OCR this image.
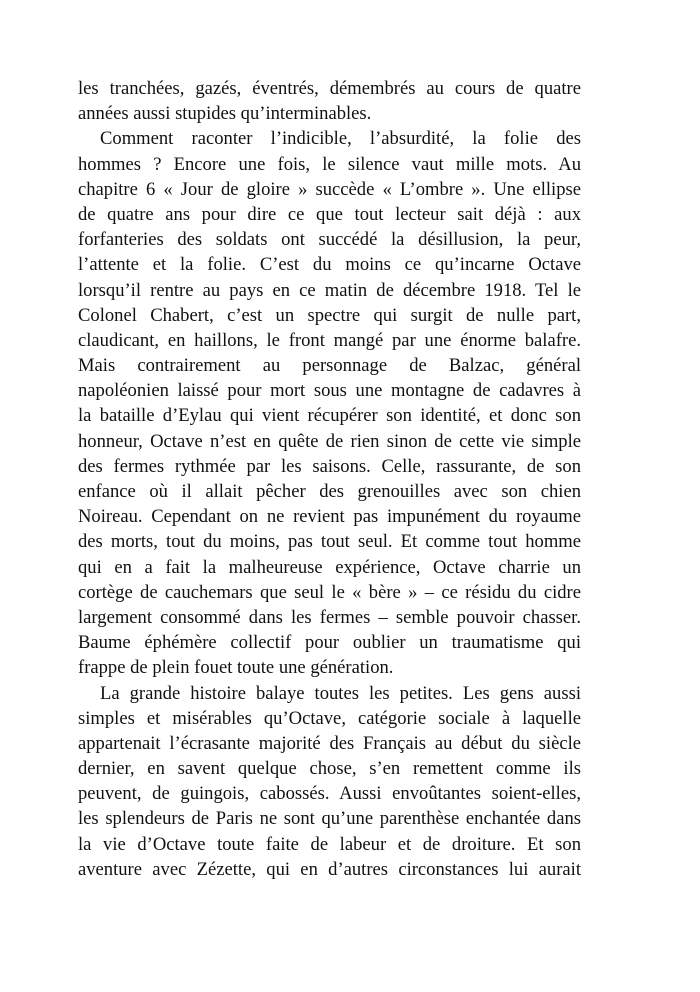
les tranchées, gazés, éventrés, démembrés au cours de quatre
années aussi stupides qu’interminables.
Comment raconter l’indicible, l’absurdité, la folie des
hommes ? Encore une fois, le silence vaut mille mots. Au
chapitre 6 « Jour de gloire » succède « L’ombre ». Une ellipse
de quatre ans pour dire ce que tout lecteur sait déjà : aux
forfanteries des soldats ont succédé la désillusion, la peur,
l’attente et la folie. C’est du moins ce qu’incarne Octave
lorsqu’il rentre au pays en ce matin de décembre 1918. Tel le
Colonel Chabert, c’est un spectre qui surgit de nulle part,
claudicant, en haillons, le front mangé par une énorme balafre.
Mais contrairement au personnage de Balzac, général
napoléonien laissé pour mort sous une montagne de cadavres à
la bataille d’Eylau qui vient récupérer son identité, et donc son
honneur, Octave n’est en quête de rien sinon de cette vie simple
des fermes rythmée par les saisons. Celle, rassurante, de son
enfance où il allait pêcher des grenouilles avec son chien
Noireau. Cependant on ne revient pas impunément du royaume
des morts, tout du moins, pas tout seul. Et comme tout homme
qui en a fait la malheureuse expérience, Octave charrie un
cortège de cauchemars que seul le « bère » – ce résidu du cidre
largement consommé dans les fermes – semble pouvoir chasser.
Baume éphémère collectif pour oublier un traumatisme qui
frappe de plein fouet toute une génération.
La grande histoire balaye toutes les petites. Les gens aussi
simples et misérables qu’Octave, catégorie sociale à laquelle
appartenait l’écrasante majorité des Français au début du siècle
dernier, en savent quelque chose, s’en remettent comme ils
peuvent, de guingois, cabossés. Aussi envoûtantes soient-elles,
les splendeurs de Paris ne sont qu’une parenthèse enchantée dans
la vie d’Octave toute faite de labeur et de droiture. Et son
aventure avec Zézette, qui en d’autres circonstances lui aurait
